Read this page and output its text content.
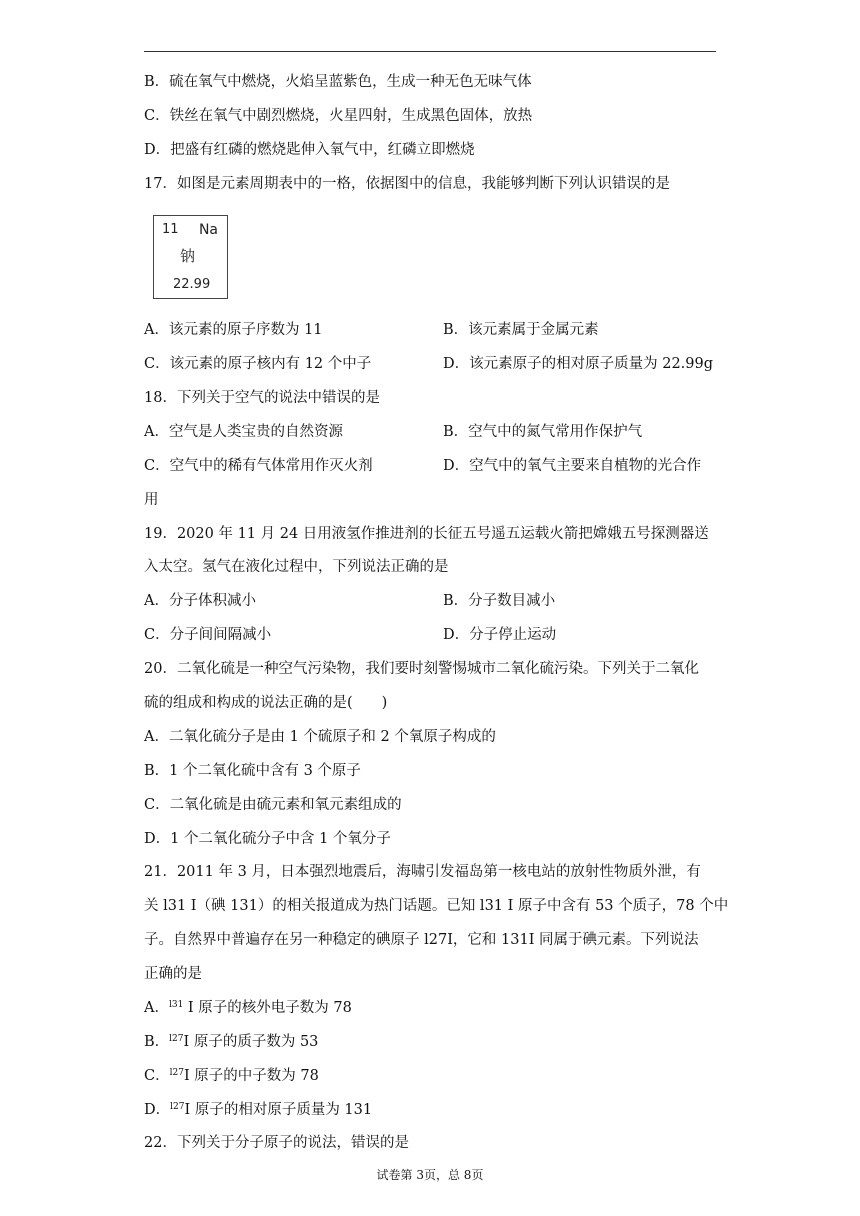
B．硫在氧气中燃烧，火焰呈蓝紫色，生成一种无色无味气体
C．铁丝在氧气中剧烈燃烧，火星四射，生成黑色固体，放热
D．把盛有红磷的燃烧匙伸入氧气中，红磷立即燃烧
17．如图是元素周期表中的一格，依据图中的信息，我能够判断下列认识错误的是
11 Na
钠
22.99
A．该元素的原子序数为 11	B．该元素属于金属元素
C．该元素的原子核内有 12 个中子	D．该元素原子的相对原子质量为 22.99g
18．下列关于空气的说法中错误的是
A．空气是人类宝贵的自然资源	B．空气中的氮气常用作保护气
C．空气中的稀有气体常用作灭火剂	D．空气中的氧气主要来自植物的光合作
用
19．2020 年 11 月 24 日用液氢作推进剂的长征五号遥五运载火箭把嫦娥五号探测器送
入太空。氢气在液化过程中，下列说法正确的是
A．分子体积减小	B．分子数目减小
C．分子间间隔减小	D．分子停止运动
20．二氧化硫是一种空气污染物，我们要时刻警惕城市二氧化硫污染。下列关于二氧化
硫的组成和构成的说法正确的是(　　)
A．二氧化硫分子是由 1 个硫原子和 2 个氧原子构成的
B．1 个二氧化硫中含有 3 个原子
C．二氧化硫是由硫元素和氧元素组成的
D．1 个二氧化硫分子中含 1 个氧分子
21．2011 年 3 月，日本强烈地震后，海啸引发福岛第一核电站的放射性物质外泄，有
关 l31 I（碘 131）的相关报道成为热门话题。已知 l31 I 原子中含有 53 个质子，78 个中
子。自然界中普遍存在另一种稳定的碘原子 l27I，它和 131I 同属于碘元素。下列说法
正确的是
A．$^{l31}$ I 原子的核外电子数为 78
B．$^{l27}$I 原子的质子数为 53
C．$^{l27}$I 原子的中子数为 78
D．$^{l27}$I 原子的相对原子质量为 131
22．下列关于分子原子的说法，错误的是
试卷第 3页，总 8页
